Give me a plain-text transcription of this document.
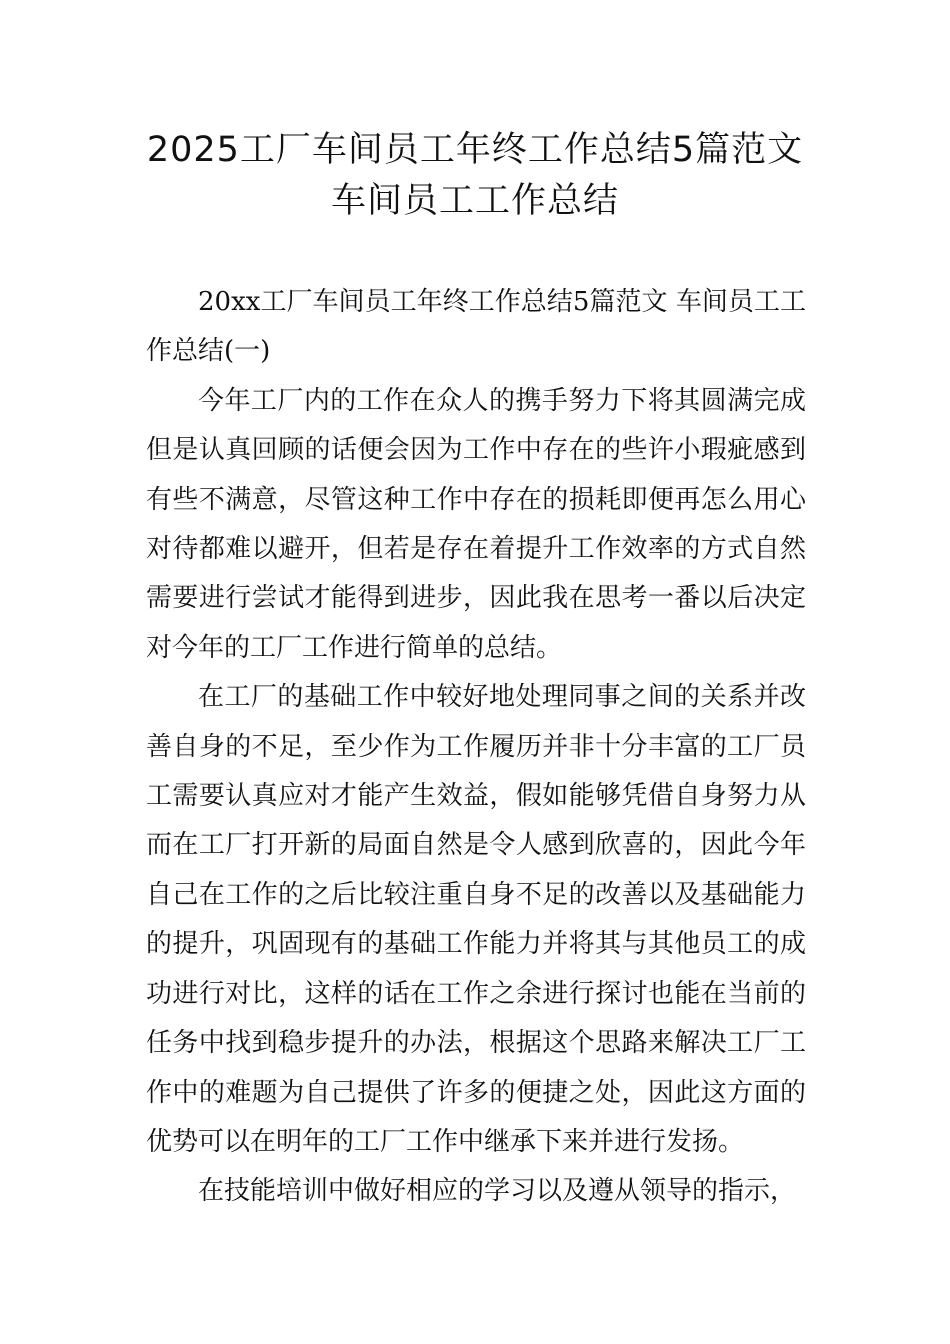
2025工厂车间员工年终工作总结5篇范文
车间员工工作总结

20xx工厂车间员工年终工作总结5篇范文 车间员工工作总结(一)

今年工厂内的工作在众人的携手努力下将其圆满完成但是认真回顾的话便会因为工作中存在的些许小瑕疵感到有些不满意，尽管这种工作中存在的损耗即便再怎么用心对待都难以避开，但若是存在着提升工作效率的方式自然需要进行尝试才能得到进步，因此我在思考一番以后决定对今年的工厂工作进行简单的总结。

在工厂的基础工作中较好地处理同事之间的关系并改善自身的不足，至少作为工作履历并非十分丰富的工厂员工需要认真应对才能产生效益，假如能够凭借自身努力从而在工厂打开新的局面自然是令人感到欣喜的，因此今年自己在工作的之后比较注重自身不足的改善以及基础能力的提升，巩固现有的基础工作能力并将其与其他员工的成功进行对比，这样的话在工作之余进行探讨也能在当前的任务中找到稳步提升的办法，根据这个思路来解决工厂工作中的难题为自己提供了许多的便捷之处，因此这方面的优势可以在明年的工厂工作中继承下来并进行发扬。

在技能培训中做好相应的学习以及遵从领导的指示，
